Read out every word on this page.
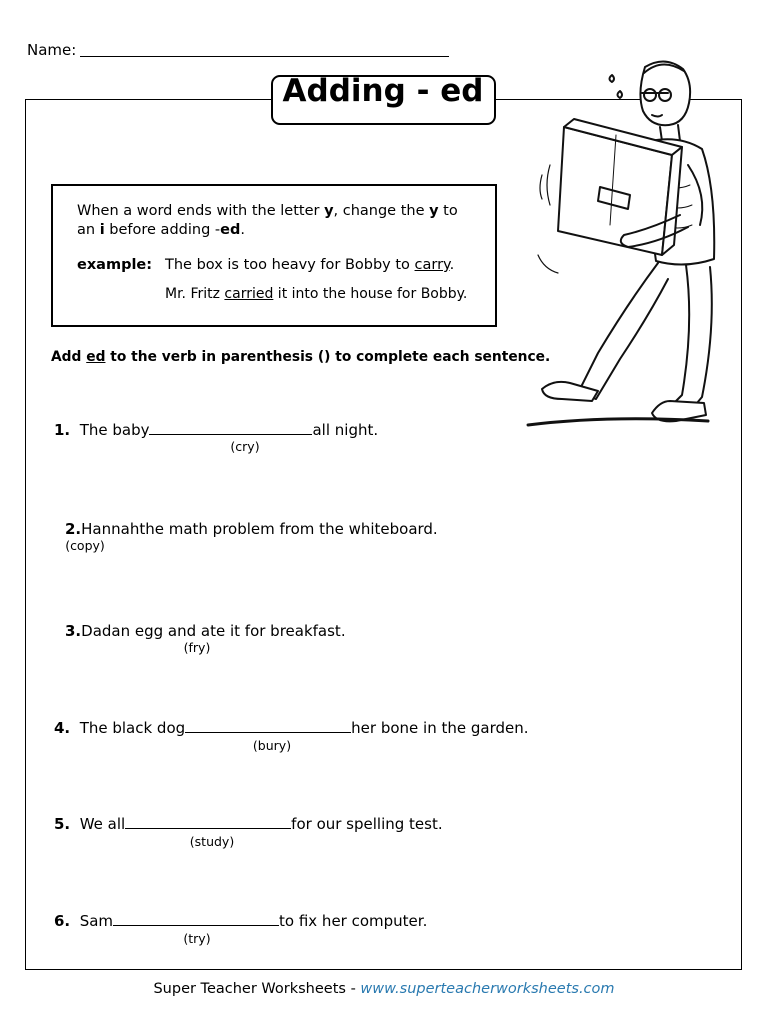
Name:
Adding - ed
When a word ends with the letter y, change the y to
an i before adding -ed.
example: The box is too heavy for Bobby to carry.
Mr. Fritz carried it into the house for Bobby.
Add ed to the verb in parenthesis () to complete each sentence.
1. The baby	all night.
(cry)
2.Hannahthe math problem from the whiteboard.
(copy)
3.Dadan egg and ate it for breakfast.
(fry)
4. The black dog	her bone in the garden.
(bury)
5. We all	for our spelling test.
(study)
6. Sam	to fix her computer.
(try)
Super Teacher Worksheets - www.superteacherworksheets.com
